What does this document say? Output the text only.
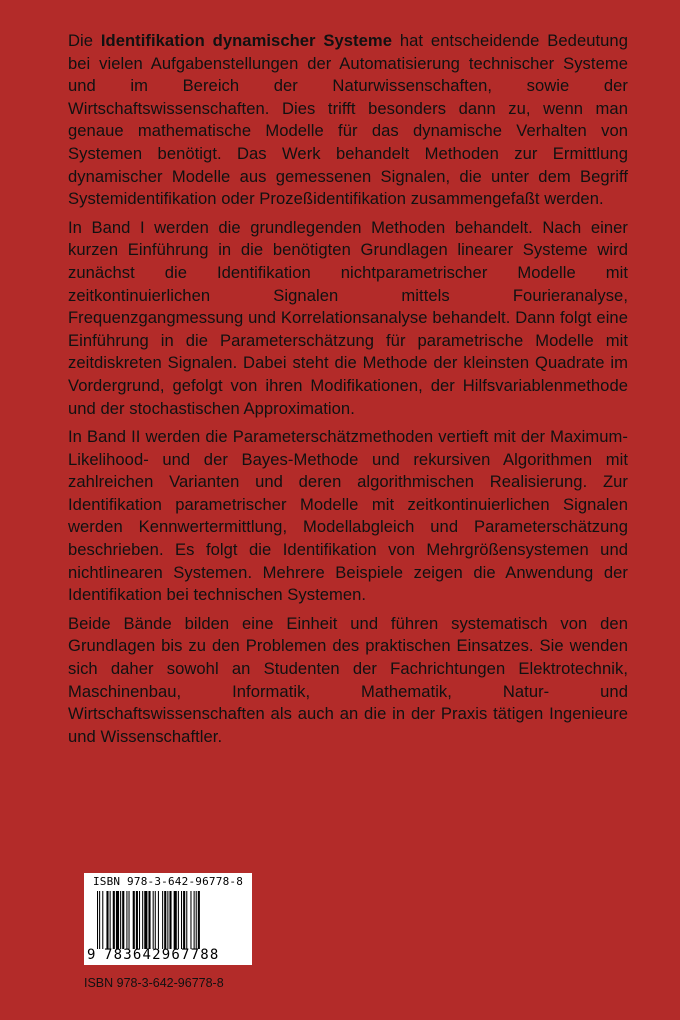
Die Identifikation dynamischer Systeme hat entscheidende Bedeutung bei vielen Aufgabenstellungen der Automatisierung technischer Systeme und im Bereich der Naturwissenschaften, sowie der Wirtschaftswissenschaften. Dies trifft besonders dann zu, wenn man genaue mathematische Modelle für das dynamische Verhalten von Systemen benötigt. Das Werk behandelt Methoden zur Ermittlung dynamischer Modelle aus gemessenen Signalen, die unter dem Begriff Systemidentifikation oder Prozeßidentifikation zusammengefaßt werden.

In Band I werden die grundlegenden Methoden behandelt. Nach einer kurzen Einführung in die benötigten Grundlagen linearer Systeme wird zunächst die Identifikation nichtparametrischer Modelle mit zeitkontinuierlichen Signalen mittels Fourieranalyse, Frequenzgangmessung und Korrelationsanalyse behandelt. Dann folgt eine Einführung in die Parameterschätzung für parametrische Modelle mit zeitdiskreten Signalen. Dabei steht die Methode der kleinsten Quadrate im Vordergrund, gefolgt von ihren Modifikationen, der Hilfsvariablenmethode und der stochastischen Approximation.

In Band II werden die Parameterschätzmethoden vertieft mit der Maximum-Likelihood- und der Bayes-Methode und rekursiven Algorithmen mit zahlreichen Varianten und deren algorithmischen Realisierung. Zur Identifikation parametrischer Modelle mit zeitkontinuierlichen Signalen werden Kennwertermittlung, Modellabgleich und Parameterschätzung beschrieben. Es folgt die Identifikation von Mehrgrößensystemen und nichtlinearen Systemen. Mehrere Beispiele zeigen die Anwendung der Identifikation bei technischen Systemen.

Beide Bände bilden eine Einheit und führen systematisch von den Grundlagen bis zu den Problemen des praktischen Einsatzes. Sie wenden sich daher sowohl an Studenten der Fachrichtungen Elektrotechnik, Maschinenbau, Informatik, Mathematik, Natur- und Wirtschaftswissenschaften als auch an die in der Praxis tätigen Ingenieure und Wissenschaftler.

ISBN 978-3-642-96778-8
9 783642967788
ISBN 978-3-642-96778-8
